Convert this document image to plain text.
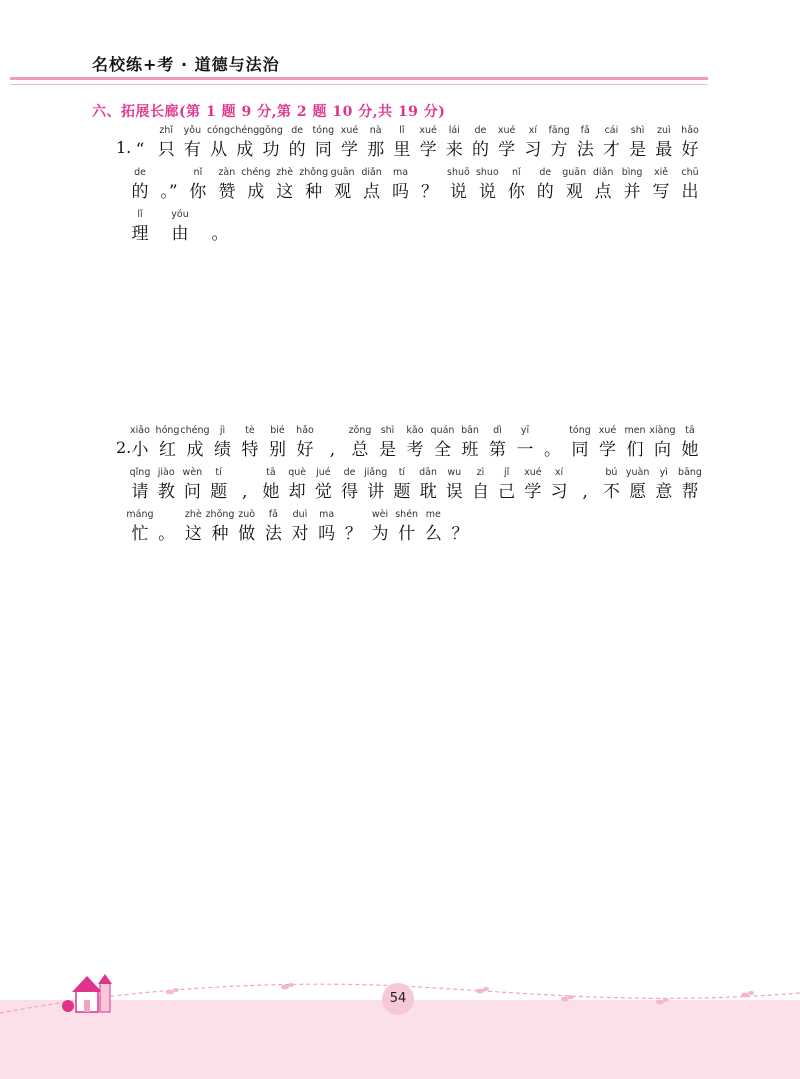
名校练+考 · 道德与法治
六、拓展长廊(第 1 题 9 分,第 2 题 10 分,共 19 分)
1. “
zhǐ
只
yǒu
有
cóng
从
chéng
成
gōng
功
de
的
tóng
同
xué
学
nà
那
lǐ
里
xué
学
lái
来
de
的
xué
学
xí
习
fāng
方
fǎ
法
cái
才
shì
是
zuì
最
hǎo
好
de
的 。”
nǐ
你
zàn
赞
chéng
成
zhè
这
zhǒng
种
guān
观
diǎn
点
ma
吗 ？
shuō
说
shuo
说
nǐ
你
de
的
guān
观
diǎn
点
bìng
并
xiě
写
chū
出
lǐ
理
yóu
由	。
2.
xiǎo
小
hóng
红
chéng
成
jì
绩
tè
特
bié
别
hǎo
好 ,
zǒng
总
shì
是
kǎo
考
quán
全
bān
班
dì
第
yī
一 。
tóng
同
xué
学
men
们
xiàng
向
tā
她
qǐng
请
jiào
教
wèn
问
tí
题 ,
tā
她
què
却
jué
觉
de
得
jiǎng
讲
tí
题
dān
耽
wu
误
zì
自
jǐ
己
xué
学
xí
习 ,
bú
不
yuàn
愿
yì
意
bāng
帮
máng
忙 。
zhè
这
zhǒng
种
zuò
做
fǎ
法
duì
对
ma
吗 ？
wèi
为
shén
什
me
么 ？
54
